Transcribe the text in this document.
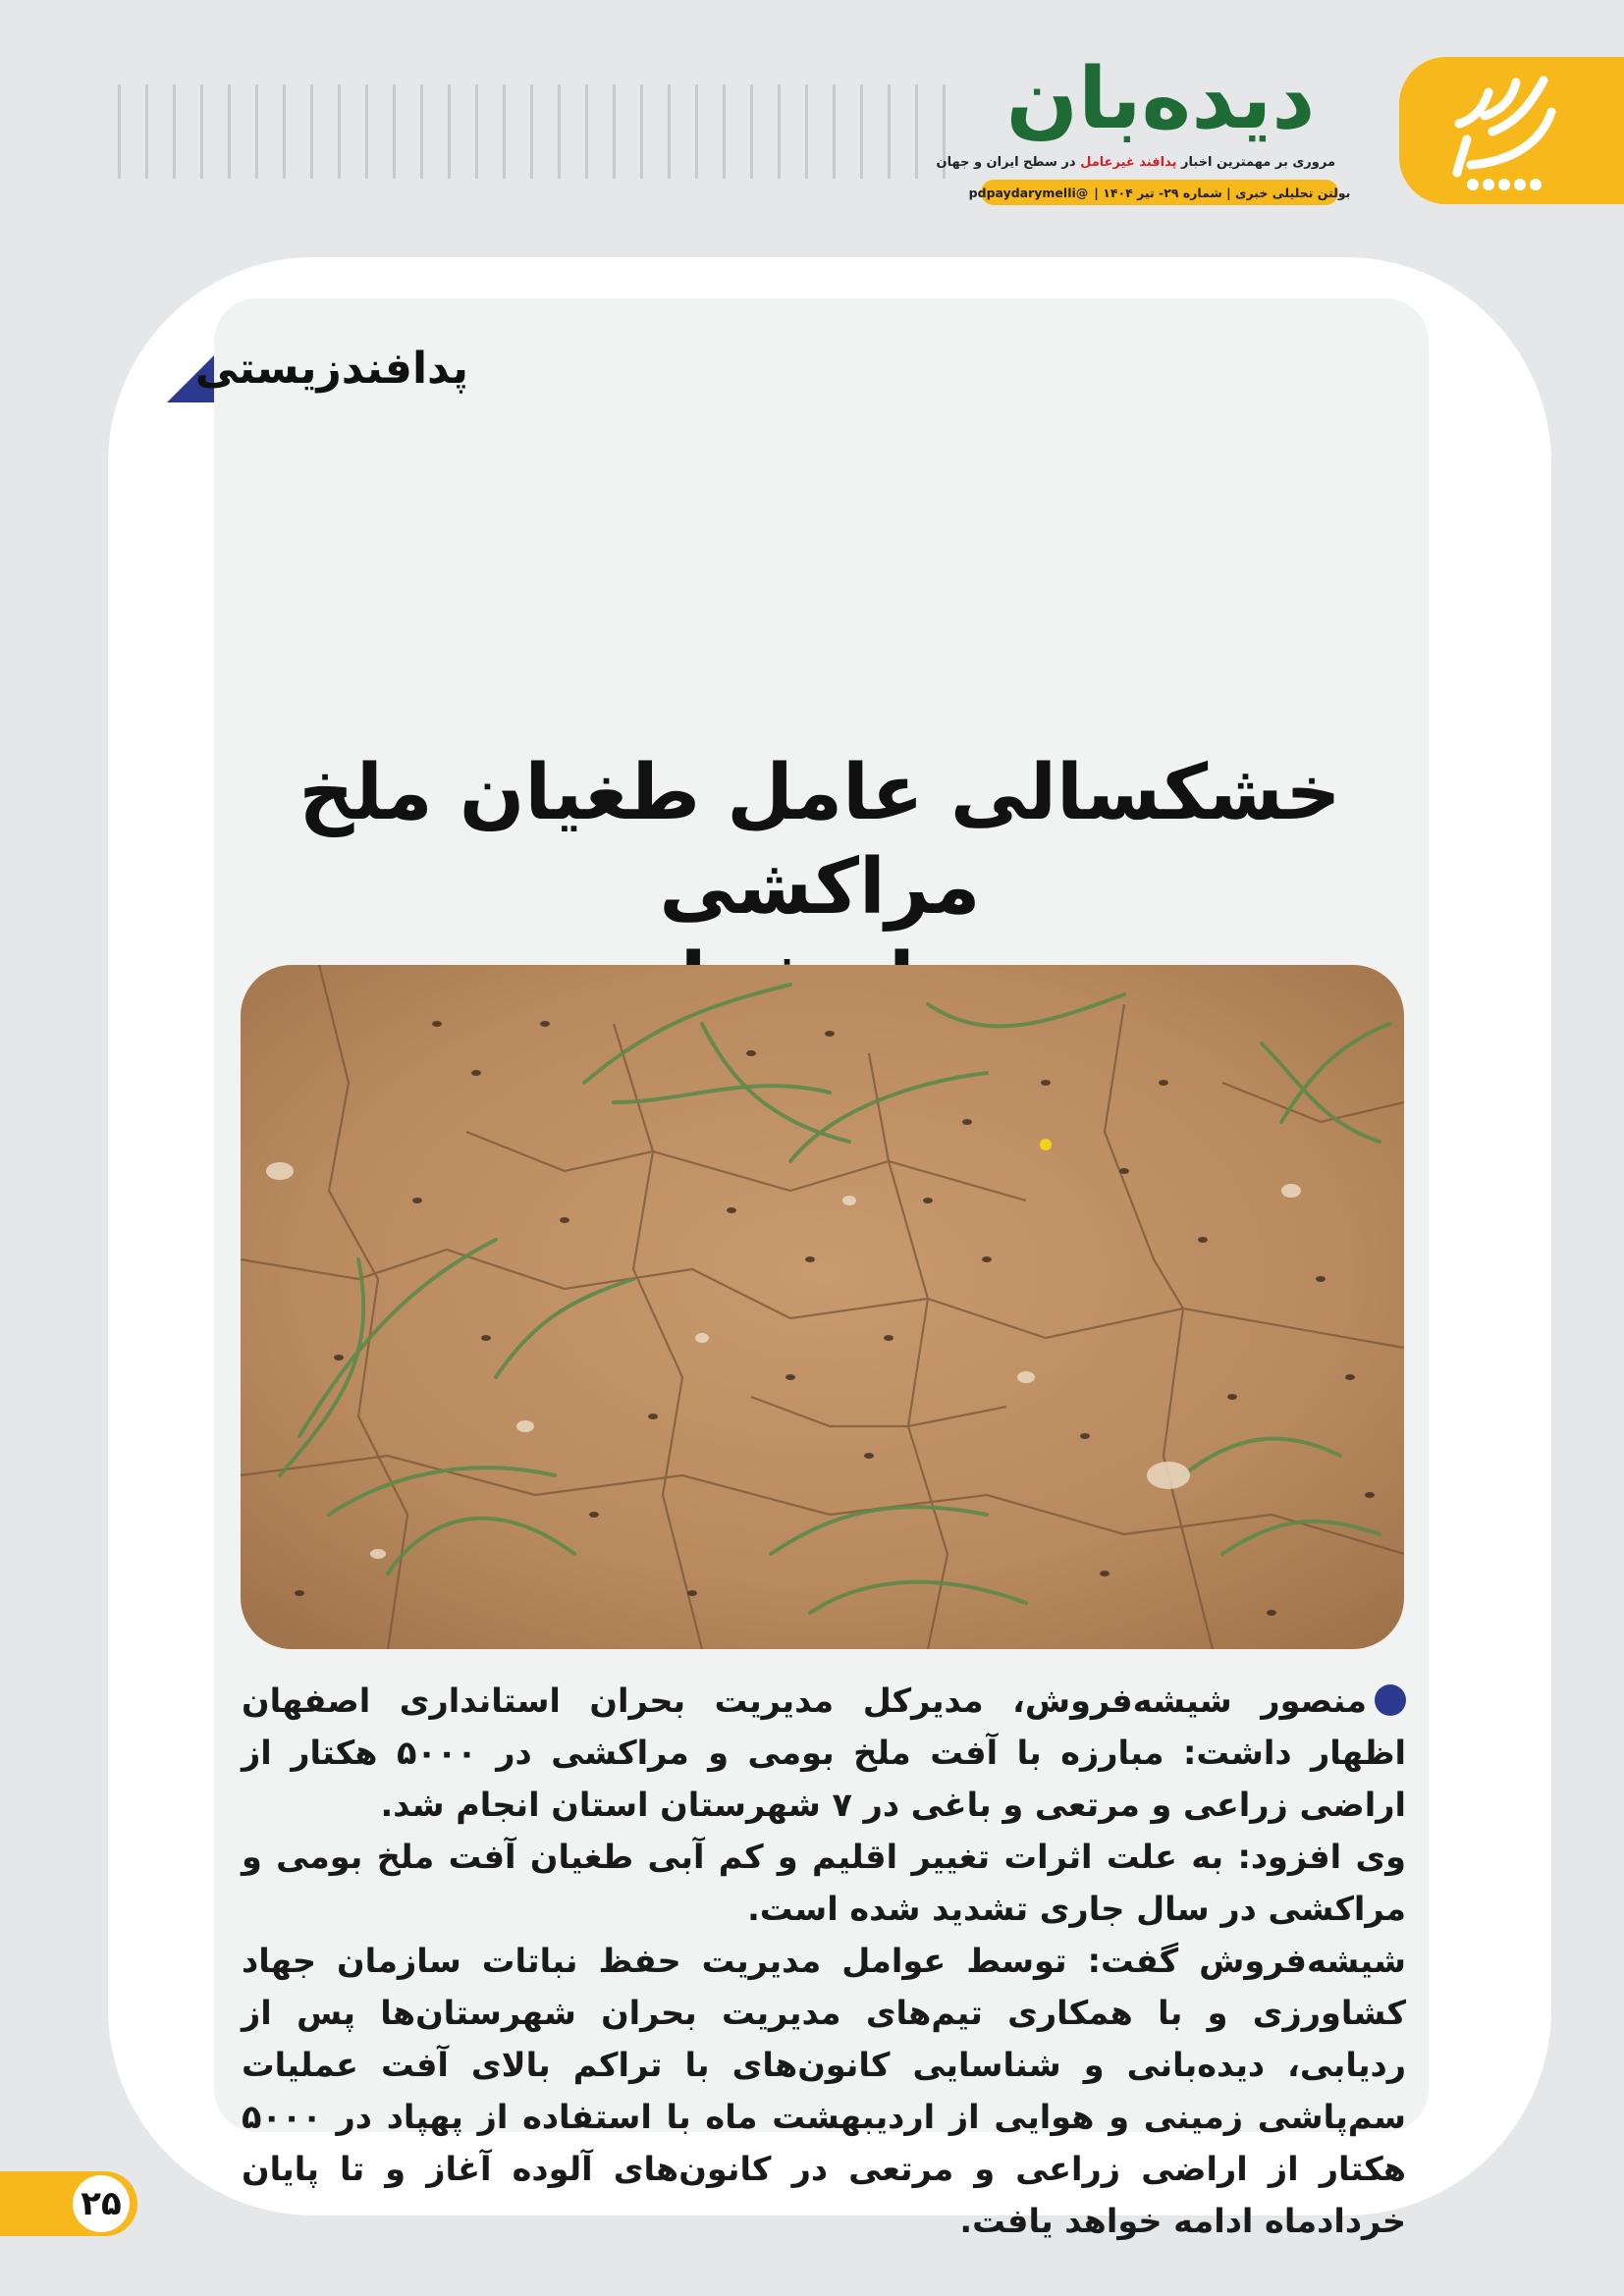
دیده‌بان

مروری بر مهمترین اخبار پدافند غیرعامل در سطح ایران و جهان

بولتن تحلیلی خبری | شماره ۲۹- تیر ۱۴۰۴ |
@pdpaydarymelli
پدافندزیستی
خشکسالی عامل طغیان ملخ مراکشی

منصور شیشه‌فروش، مدیرکل مدیریت بحران استانداری اصفهان اظهار داشت: مبارزه با آفت ملخ بومی و مراکشی در ۵۰۰۰ هکتار از اراضی زراعی و مرتعی و باغی در ۷ شهرستان استان انجام شد.

وی افزود: به علت اثرات تغییر اقلیم و کم آبی طغیان آفت ملخ بومی و مراکشی در سال جاری تشدید شده است.

شیشه‌فروش گفت: توسط عوامل مدیریت حفظ نباتات سازمان جهاد کشاورزی و با همکاری تیم‌های مدیریت بحران شهرستان‌ها پس از ردیابی، دیده‌بانی و شناسایی کانون‌های با تراکم بالای آفت عملیات سم‌پاشی زمینی و هوایی از اردیبهشت ماه با استفاده از پهپاد در ۵۰۰۰ هکتار از اراضی زراعی و مرتعی در کانون‌های آلوده آغاز و تا پایان خردادماه ادامه خواهد یافت.

۲۵
